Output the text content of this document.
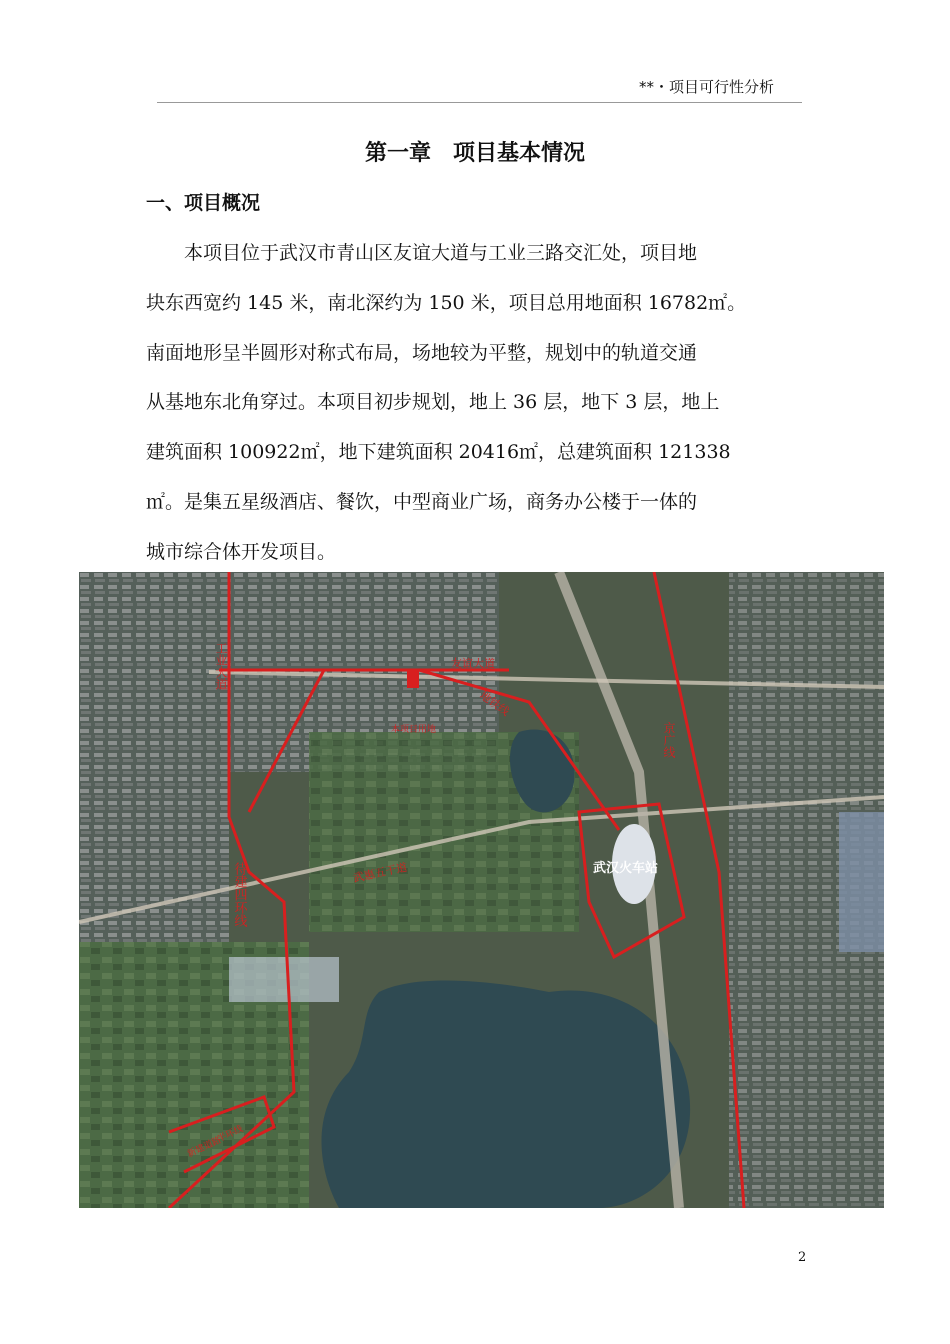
**・项目可行性分析
第一章　项目基本情况
一、项目概况
　　本项目位于武汉市青山区友谊大道与工业三路交汇处，项目地
块东西宽约 145 米，南北深约为 150 米，项目总用地面积 16782㎡。
南面地形呈半圆形对称式布局，场地较为平整，规划中的轨道交通
从基地东北角穿过。本项目初步规划，地上 36 层，地下 3 层，地上
建筑面积 100922㎡，地下建筑面积 20416㎡，总建筑面积 121338
㎡。是集五星级酒店、餐饮，中型商业广场，商务办公楼于一体的
城市综合体开发项目。
友谊大道
本项目用地
武汉火车站
武惠五干道
工业大道
待建四环线
地铁线
新建道路
半环线
京广线
2
